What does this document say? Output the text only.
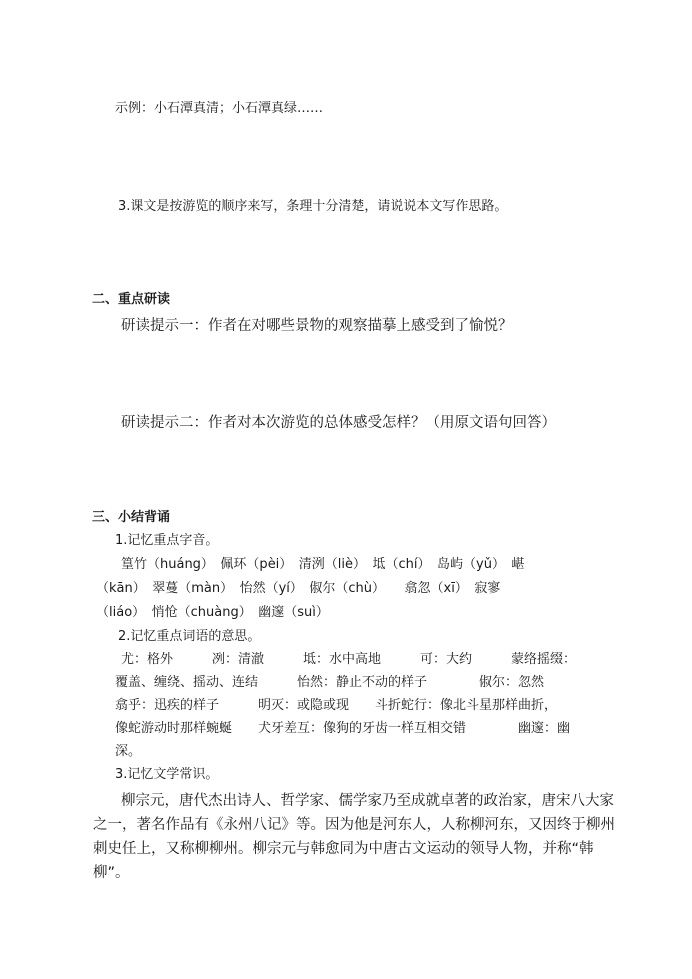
示例：小石潭真清；小石潭真绿……
3.课文是按游览的顺序来写，条理十分清楚，请说说本文写作思路。
二、重点研读
研读提示一：作者在对哪些景物的观察描摹上感受到了愉悦？
研读提示二：作者对本次游览的总体感受怎样？（用原文语句回答）
三、小结背诵
1.记忆重点字音。
篁竹（huáng）　佩环（pèi）　清洌（liè）　坻（chí）　岛屿（yǔ）　嵁
（kān）　翠蔓（màn）　怡然（yí）　俶尔（chù）　　翕忽（xī）　寂寥
（liáo）　悄怆（chuàng）　幽邃（suì）
2.记忆重点词语的意思。
尤：格外　　　冽：清澈　　　坻：水中高地　　　可：大约　　　蒙络摇缀：
覆盖、缠绕、摇动、连结　　　怡然：静止不动的样子　　　　俶尔：忽然
翕乎：迅疾的样子　　　明灭：或隐或现　　斗折蛇行：像北斗星那样曲折，
像蛇游动时那样蜿蜒　　犬牙差互：像狗的牙齿一样互相交错　　　　幽邃：幽
深。
3.记忆文学常识。
柳宗元，唐代杰出诗人、哲学家、儒学家乃至成就卓著的政治家，唐宋八大家
之一，著名作品有《永州八记》等。因为他是河东人，人称柳河东，又因终于柳州
刺史任上，又称柳柳州。柳宗元与韩愈同为中唐古文运动的领导人物，并称“韩
柳”。
